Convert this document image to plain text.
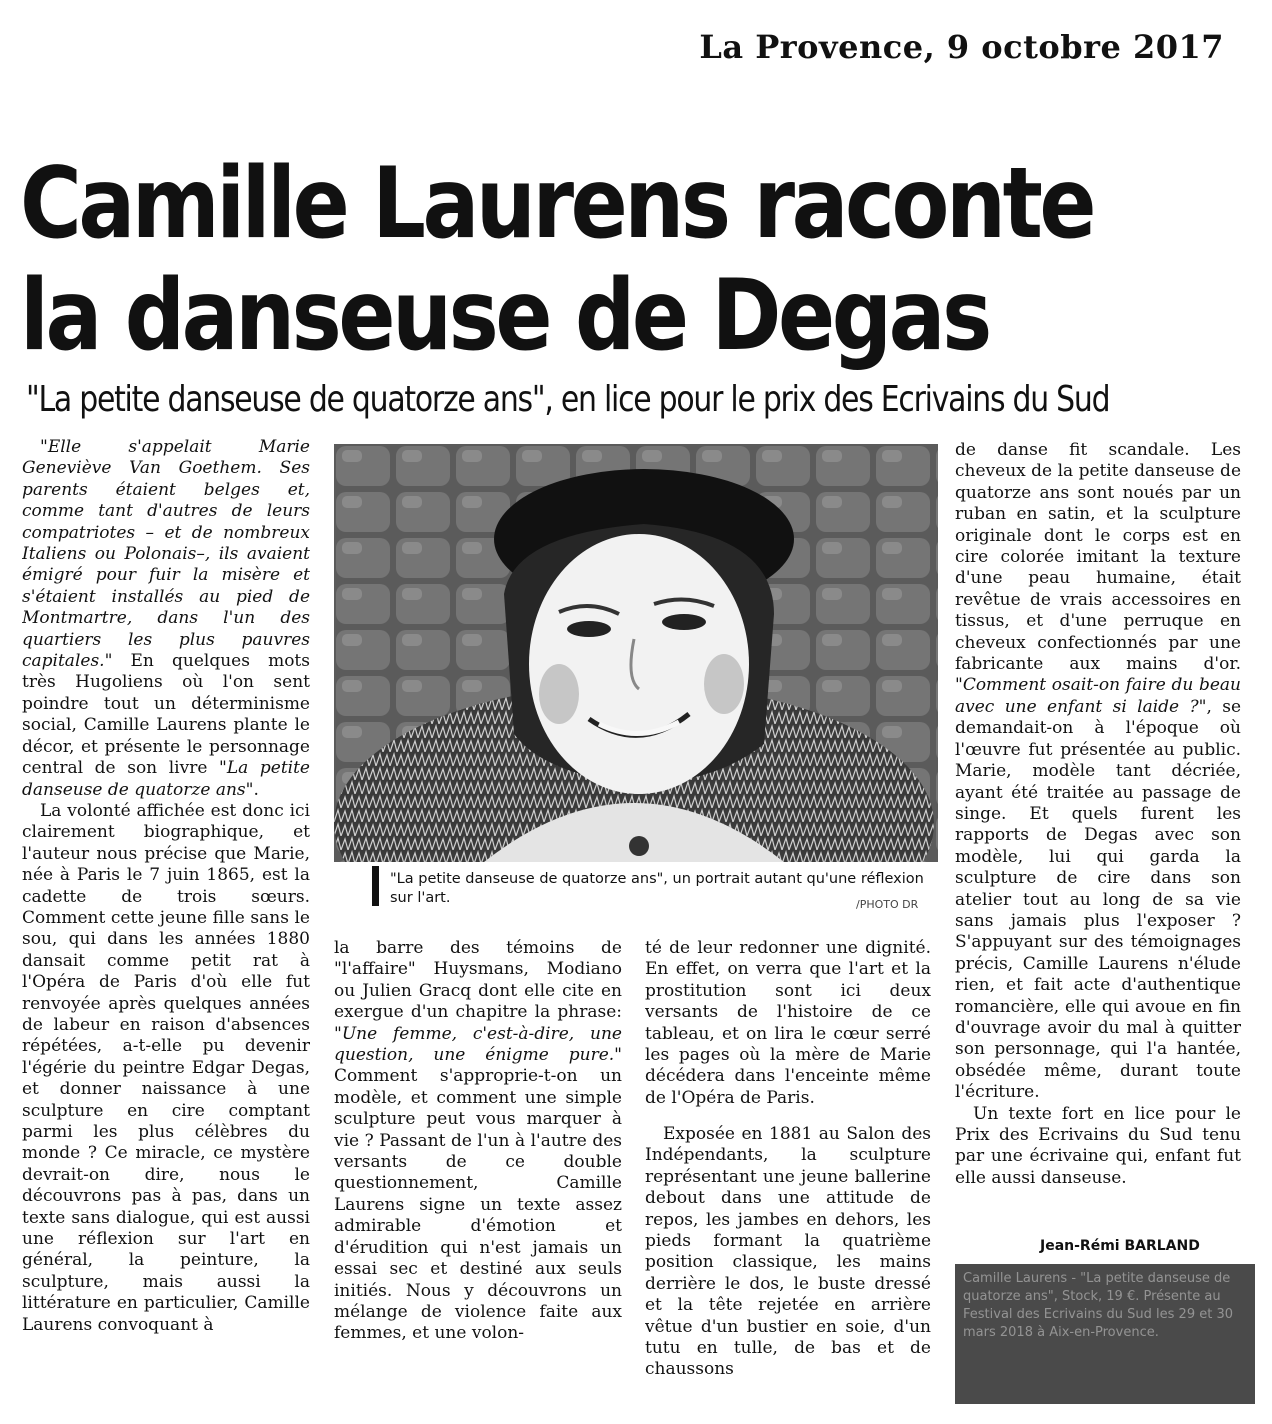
La Provence, 9 octobre 2017
Camille Laurens raconte
la danseuse de Degas
"La petite danseuse de quatorze ans", en lice pour le prix des Ecrivains du Sud

"Elle s'appelait Marie Geneviève Van Goethem. Ses parents étaient belges et, comme tant d'autres de leurs compatriotes – et de nombreux Italiens ou Polonais–, ils avaient émigré pour fuir la misère et s'étaient installés au pied de Montmartre, dans l'un des quartiers les plus pauvres capitales." En quelques mots très Hugoliens où l'on sent poindre tout un déterminisme social, Camille Laurens plante le décor, et présente le personnage central de son livre "La petite danseuse de quatorze ans".

La volonté affichée est donc ici clairement biographique, et l'auteur nous précise que Marie, née à Paris le 7 juin 1865, est la cadette de trois sœurs. Comment cette jeune fille sans le sou, qui dans les années 1880 dansait comme petit rat à l'Opéra de Paris d'où elle fut renvoyée après quelques années de labeur en raison d'absences répétées, a-t-elle pu devenir l'égérie du peintre Edgar Degas, et donner naissance à une sculpture en cire comptant parmi les plus célèbres du monde ? Ce miracle, ce mystère devrait-on dire, nous le découvrons pas à pas, dans un texte sans dialogue, qui est aussi une réflexion sur l'art en général, la peinture, la sculpture, mais aussi la littérature en particulier, Camille Laurens convoquant à

"La petite danseuse de quatorze ans", un portrait autant qu'une réflexion sur l'art.	/PHOTO DR

la barre des témoins de "l'affaire" Huysmans, Modiano ou Julien Gracq dont elle cite en exergue d'un chapitre la phrase: "Une femme, c'est-à-dire, une question, une énigme pure." Comment s'approprie-t-on un modèle, et comment une simple sculpture peut vous marquer à vie ? Passant de l'un à l'autre des versants de ce double questionnement, Camille Laurens signe un texte assez admirable d'émotion et d'érudition qui n'est jamais un essai sec et destiné aux seuls initiés. Nous y découvrons un mélange de violence faite aux femmes, et une volon-

té de leur redonner une dignité. En effet, on verra que l'art et la prostitution sont ici deux versants de l'histoire de ce tableau, et on lira le cœur serré les pages où la mère de Marie décédera dans l'enceinte même de l'Opéra de Paris.

Exposée en 1881 au Salon des Indépendants, la sculpture représentant une jeune ballerine debout dans une attitude de repos, les jambes en dehors, les pieds formant la quatrième position classique, les mains derrière le dos, le buste dressé et la tête rejetée en arrière vêtue d'un bustier en soie, d'un tutu en tulle, de bas et de chaussons

de danse fit scandale. Les cheveux de la petite danseuse de quatorze ans sont noués par un ruban en satin, et la sculpture originale dont le corps est en cire colorée imitant la texture d'une peau humaine, était revêtue de vrais accessoires en tissus, et d'une perruque en cheveux confectionnés par une fabricante aux mains d'or. "Comment osait-on faire du beau avec une enfant si laide ?", se demandait-on à l'époque où l'œuvre fut présentée au public. Marie, modèle tant décriée, ayant été traitée au passage de singe. Et quels furent les rapports de Degas avec son modèle, lui qui garda la sculpture de cire dans son atelier tout au long de sa vie sans jamais plus l'exposer ? S'appuyant sur des témoignages précis, Camille Laurens n'élude rien, et fait acte d'authentique romancière, elle qui avoue en fin d'ouvrage avoir du mal à quitter son personnage, qui l'a hantée, obsédée même, durant toute l'écriture.

Un texte fort en lice pour le Prix des Ecrivains du Sud tenu par une écrivaine qui, enfant fut elle aussi danseuse.

Jean-Rémi BARLAND
Camille Laurens - "La petite danseuse de quatorze ans", Stock, 19 €. Présente au Festival des Ecrivains du Sud les 29 et 30 mars 2018 à Aix-en-Provence.
